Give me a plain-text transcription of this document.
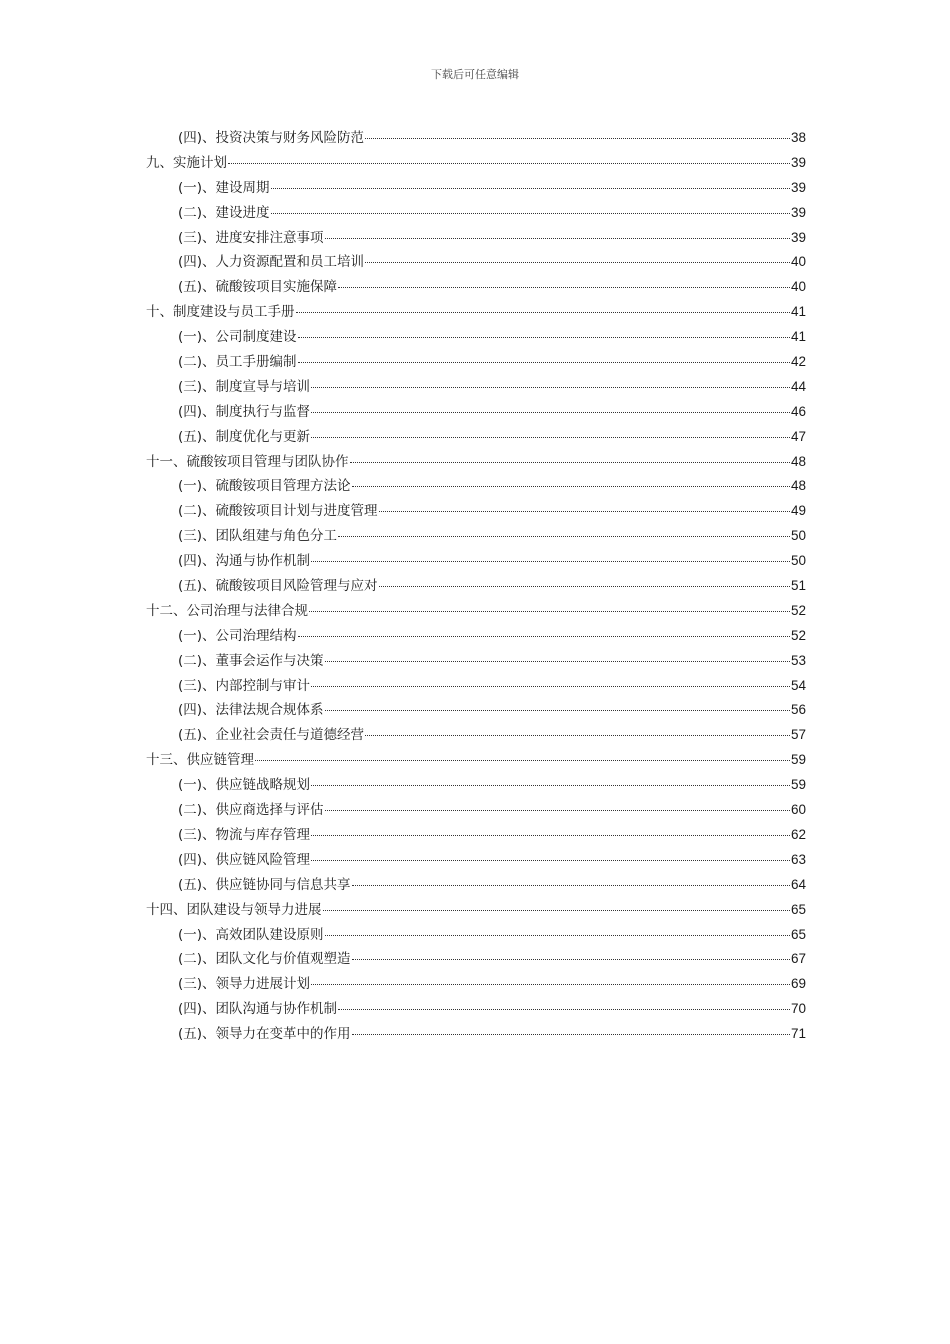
下载后可任意编辑
(四)、投资决策与财务风险防范	38
九、实施计划	39
(一)、建设周期	39
(二)、建设进度	39
(三)、进度安排注意事项	39
(四)、人力资源配置和员工培训	40
(五)、硫酸铵项目实施保障	40
十、制度建设与员工手册	41
(一)、公司制度建设	41
(二)、员工手册编制	42
(三)、制度宣导与培训	44
(四)、制度执行与监督	46
(五)、制度优化与更新	47
十一、硫酸铵项目管理与团队协作	48
(一)、硫酸铵项目管理方法论	48
(二)、硫酸铵项目计划与进度管理	49
(三)、团队组建与角色分工	50
(四)、沟通与协作机制	50
(五)、硫酸铵项目风险管理与应对	51
十二、公司治理与法律合规	52
(一)、公司治理结构	52
(二)、董事会运作与决策	53
(三)、内部控制与审计	54
(四)、法律法规合规体系	56
(五)、企业社会责任与道德经营	57
十三、供应链管理	59
(一)、供应链战略规划	59
(二)、供应商选择与评估	60
(三)、物流与库存管理	62
(四)、供应链风险管理	63
(五)、供应链协同与信息共享	64
十四、团队建设与领导力进展	65
(一)、高效团队建设原则	65
(二)、团队文化与价值观塑造	67
(三)、领导力进展计划	69
(四)、团队沟通与协作机制	70
(五)、领导力在变革中的作用	71
